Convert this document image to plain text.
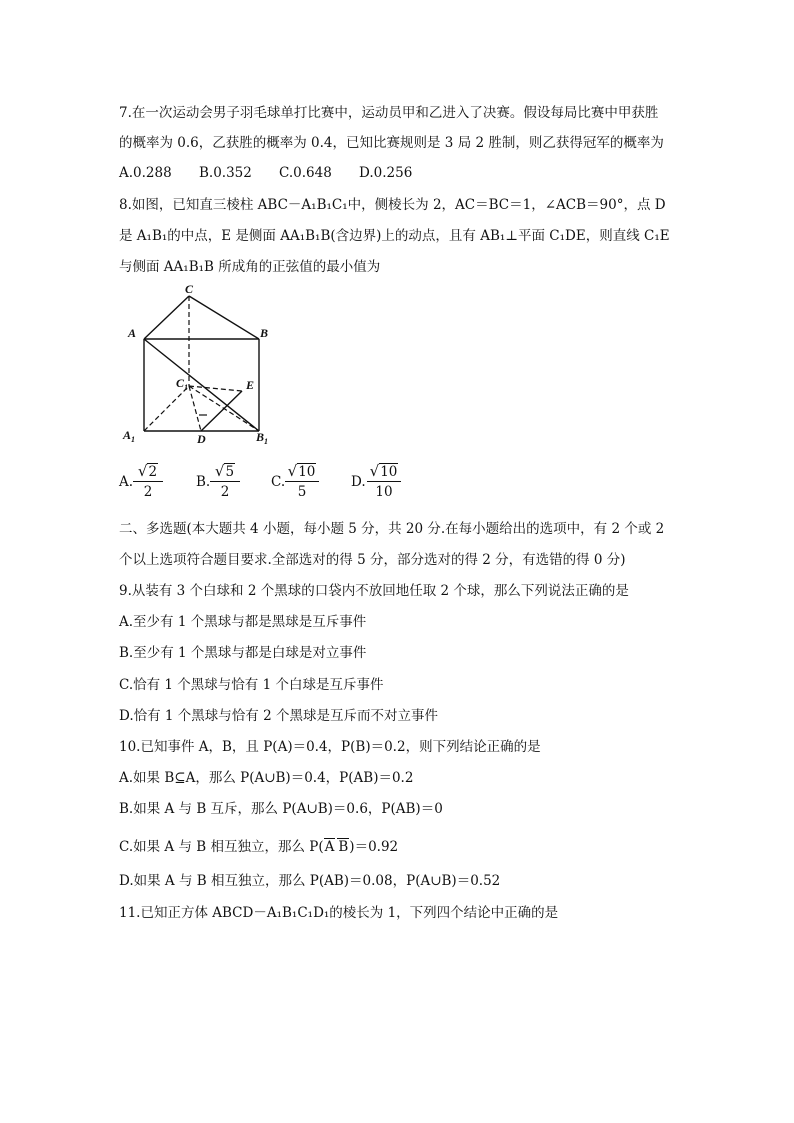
7.在一次运动会男子羽毛球单打比赛中，运动员甲和乙进入了决赛。假设每局比赛中甲获胜
的概率为 0.6，乙获胜的概率为 0.4，已知比赛规则是 3 局 2 胜制，则乙获得冠军的概率为
A.0.288 B.0.352 C.0.648 D.0.256
8.如图，已知直三棱柱 ABC－A₁B₁C₁中，侧棱长为 2，AC＝BC＝1，∠ACB＝90°，点 D
是 A₁B₁的中点，E 是侧面 AA₁B₁B(含边界)上的动点，且有 AB₁⊥平面 C₁DE，则直线 C₁E
与侧面 AA₁B₁B 所成角的正弦值的最小值为
C
A	B
$C_1$	E
$A_1$	D	$B_1$
A. $\frac{√2}{2} B$. $\frac{√5}{2} C$. $\frac{√10}{5} D$. $\frac{√10}{10}$
二、多选题(本大题共 4 小题，每小题 5 分，共 20 分.在每小题给出的选项中，有 2 个或 2
个以上选项符合题目要求.全部选对的得 5 分，部分选对的得 2 分，有选错的得 0 分)
9.从装有 3 个白球和 2 个黑球的口袋内不放回地任取 2 个球，那么下列说法正确的是
A.至少有 1 个黑球与都是黑球是互斥事件
B.至少有 1 个黑球与都是白球是对立事件
C.恰有 1 个黑球与恰有 1 个白球是互斥事件
D.恰有 1 个黑球与恰有 2 个黑球是互斥而不对立事件
10.已知事件 A，B，且 P(A)＝0.4，P(B)＝0.2，则下列结论正确的是
A.如果 B⊆A，那么 P(A∪B)＝0.4，P(AB)＝0.2
B.如果 A 与 B 互斥，那么 P(A∪B)＝0.6，P(AB)＝0
C.如果 A 与 B 相互独立，那么 P(A B)＝0.92
D.如果 A 与 B 相互独立，那么 P(AB)＝0.08，P(A∪B)＝0.52
11.已知正方体 ABCD－A₁B₁C₁D₁的棱长为 1，下列四个结论中正确的是
